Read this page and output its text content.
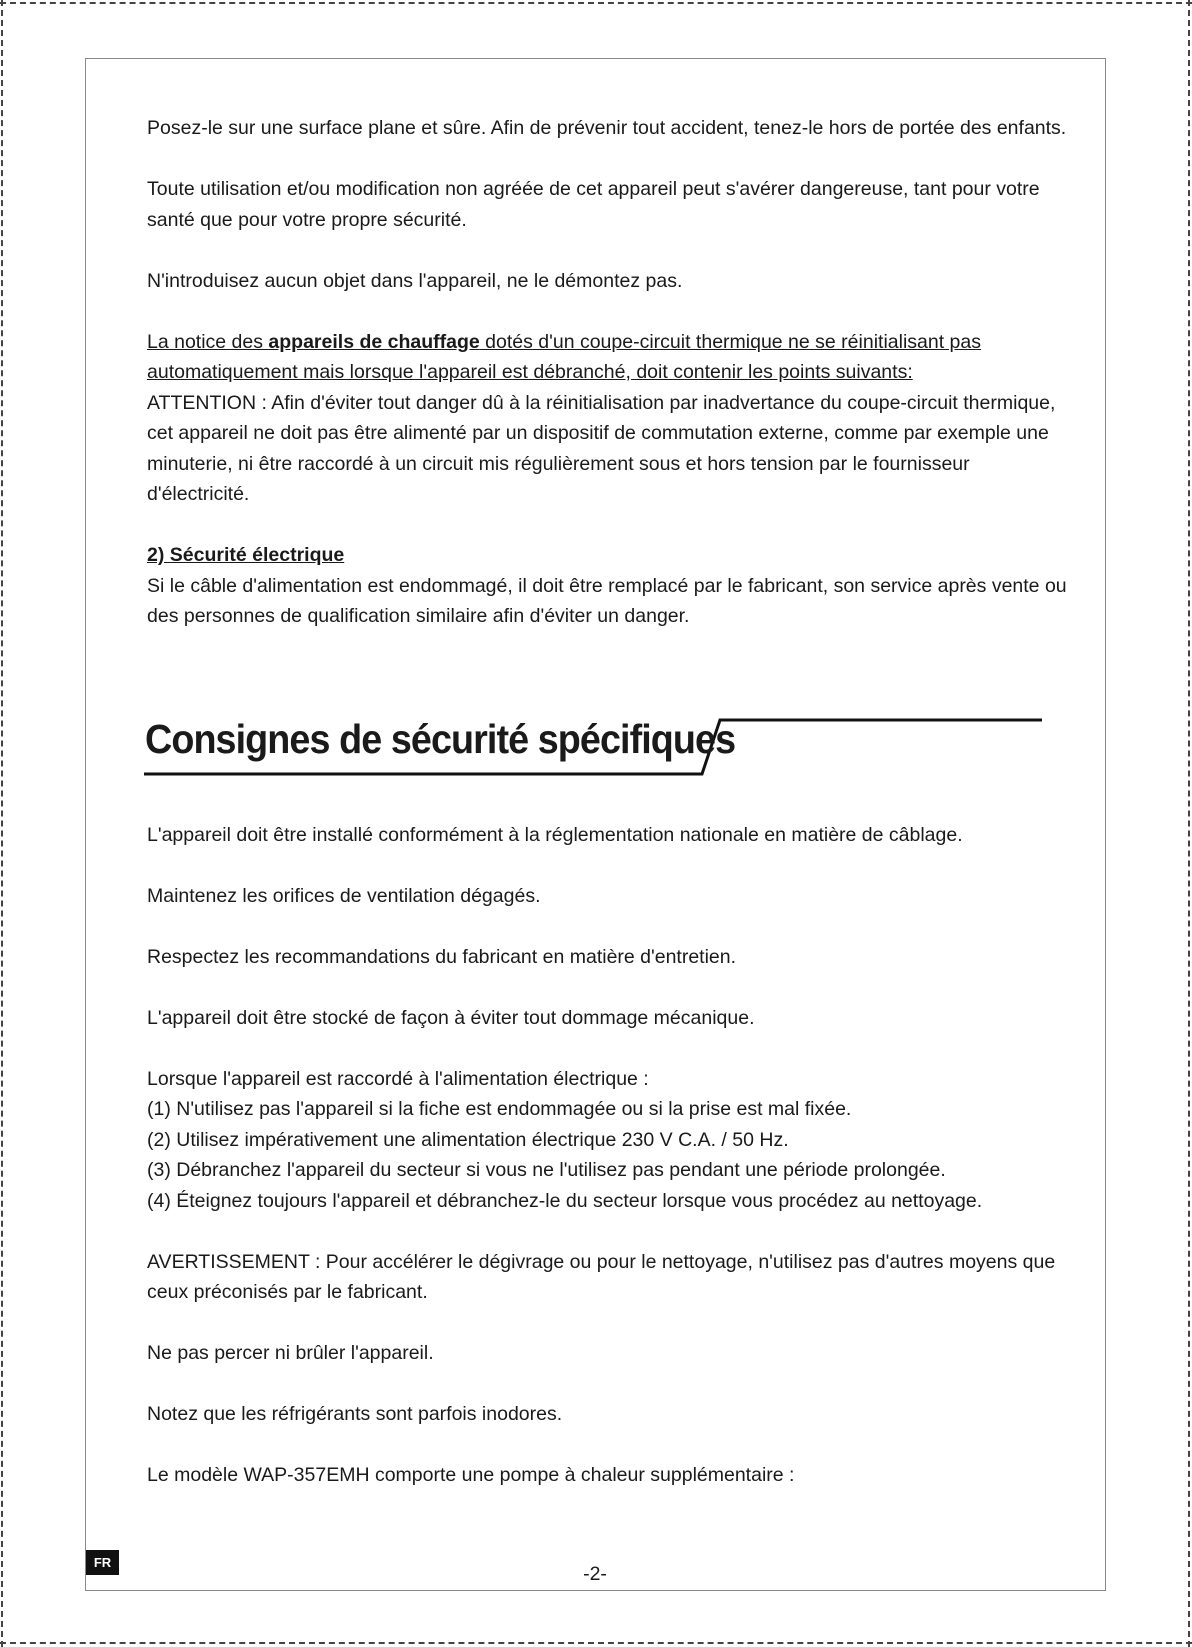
Posez-le sur une surface plane et sûre. Afin de prévenir tout accident, tenez-le hors de portée des enfants.

Toute utilisation et/ou modification non agréée de cet appareil peut s'avérer dangereuse, tant pour votre santé que pour votre propre sécurité.

N'introduisez aucun objet dans l'appareil, ne le démontez pas.

La notice des appareils de chauffage dotés d'un coupe-circuit thermique ne se réinitialisant pas automatiquement mais lorsque l'appareil est débranché, doit contenir les points suivants:
ATTENTION : Afin d'éviter tout danger dû à la réinitialisation par inadvertance du coupe-circuit thermique, cet appareil ne doit pas être alimenté par un dispositif de commutation externe, comme par exemple une minuterie, ni être raccordé à un circuit mis régulièrement sous et hors tension par le fournisseur d'électricité.

2) Sécurité électrique
Si le câble d'alimentation est endommagé, il doit être remplacé par le fabricant, son service après vente ou des personnes de qualification similaire afin d'éviter un danger.

Consignes de sécurité spécifiques

L'appareil doit être installé conformément à la réglementation nationale en matière de câblage.

Maintenez les orifices de ventilation dégagés.

Respectez les recommandations du fabricant en matière d'entretien.

L'appareil doit être stocké de façon à éviter tout dommage mécanique.

Lorsque l'appareil est raccordé à l'alimentation électrique :
(1) N'utilisez pas l'appareil si la fiche est endommagée ou si la prise est mal fixée.
(2) Utilisez impérativement une alimentation électrique 230 V C.A. / 50 Hz.
(3) Débranchez l'appareil du secteur si vous ne l'utilisez pas pendant une période prolongée.
(4) Éteignez toujours l'appareil et débranchez-le du secteur lorsque vous procédez au nettoyage.

AVERTISSEMENT : Pour accélérer le dégivrage ou pour le nettoyage, n'utilisez pas d'autres moyens que ceux préconisés par le fabricant.

Ne pas percer ni brûler l'appareil.

Notez que les réfrigérants sont parfois inodores.

Le modèle WAP-357EMH comporte une pompe à chaleur supplémentaire :

FR
-2-
